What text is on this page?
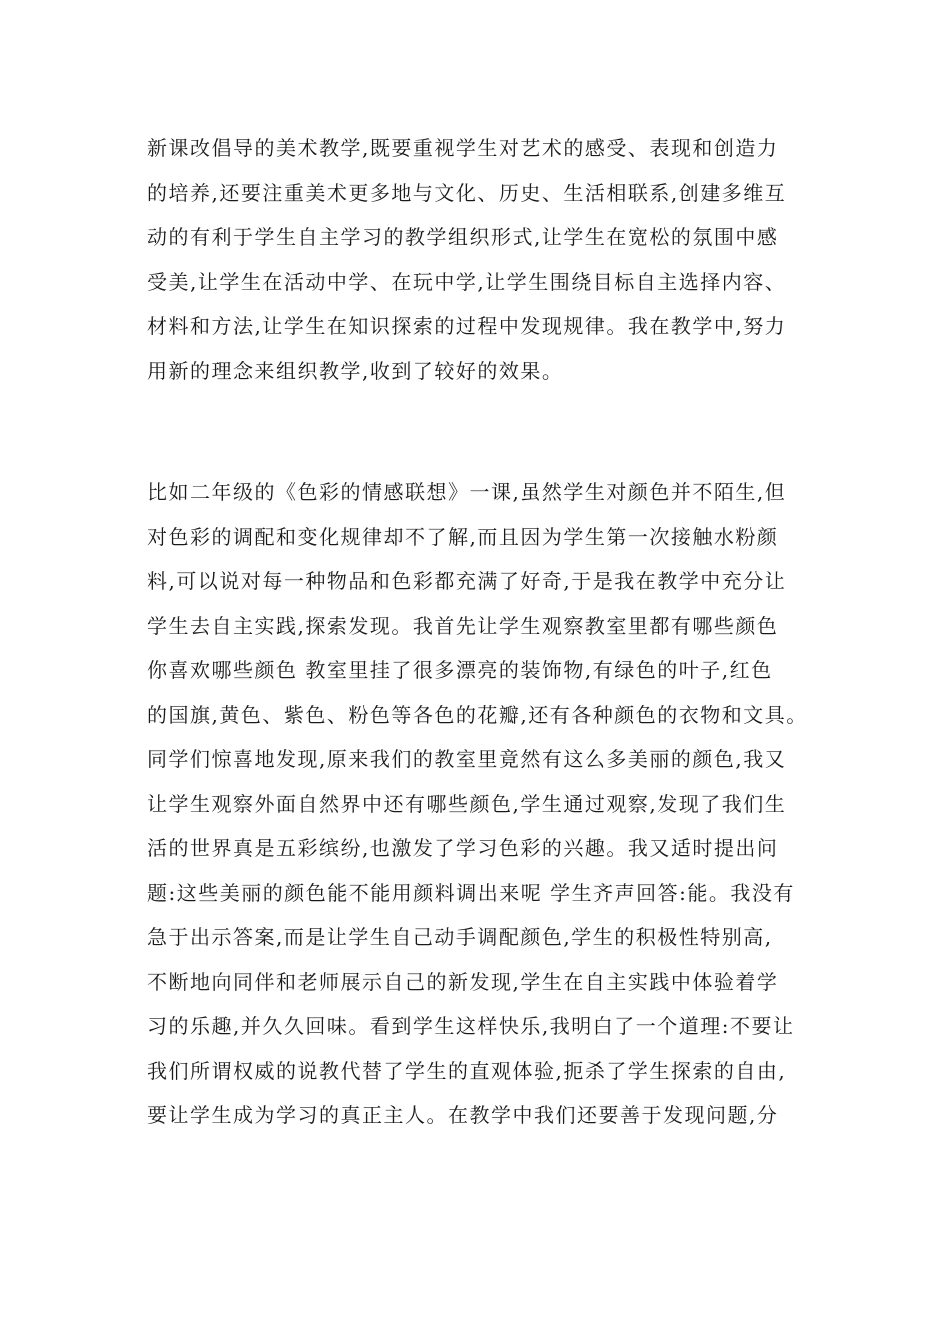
新课改倡导的美术教学,既要重视学生对艺术的感受、表现和创造力
的培养,还要注重美术更多地与文化、历史、生活相联系,创建多维互
动的有利于学生自主学习的教学组织形式,让学生在宽松的氛围中感
受美,让学生在活动中学、在玩中学,让学生围绕目标自主选择内容、
材料和方法,让学生在知识探索的过程中发现规律。我在教学中,努力
用新的理念来组织教学,收到了较好的效果。
比如二年级的《色彩的情感联想》一课,虽然学生对颜色并不陌生,但
对色彩的调配和变化规律却不了解,而且因为学生第一次接触水粉颜
料,可以说对每一种物品和色彩都充满了好奇,于是我在教学中充分让
学生去自主实践,探索发现。我首先让学生观察教室里都有哪些颜色
你喜欢哪些颜色 教室里挂了很多漂亮的装饰物,有绿色的叶子,红色
的国旗,黄色、紫色、粉色等各色的花瓣,还有各种颜色的衣物和文具。
同学们惊喜地发现,原来我们的教室里竟然有这么多美丽的颜色,我又
让学生观察外面自然界中还有哪些颜色,学生通过观察,发现了我们生
活的世界真是五彩缤纷,也激发了学习色彩的兴趣。我又适时提出问
题:这些美丽的颜色能不能用颜料调出来呢 学生齐声回答:能。我没有
急于出示答案,而是让学生自己动手调配颜色,学生的积极性特别高,
不断地向同伴和老师展示自己的新发现,学生在自主实践中体验着学
习的乐趣,并久久回味。看到学生这样快乐,我明白了一个道理:不要让
我们所谓权威的说教代替了学生的直观体验,扼杀了学生探索的自由,
要让学生成为学习的真正主人。在教学中我们还要善于发现问题,分
